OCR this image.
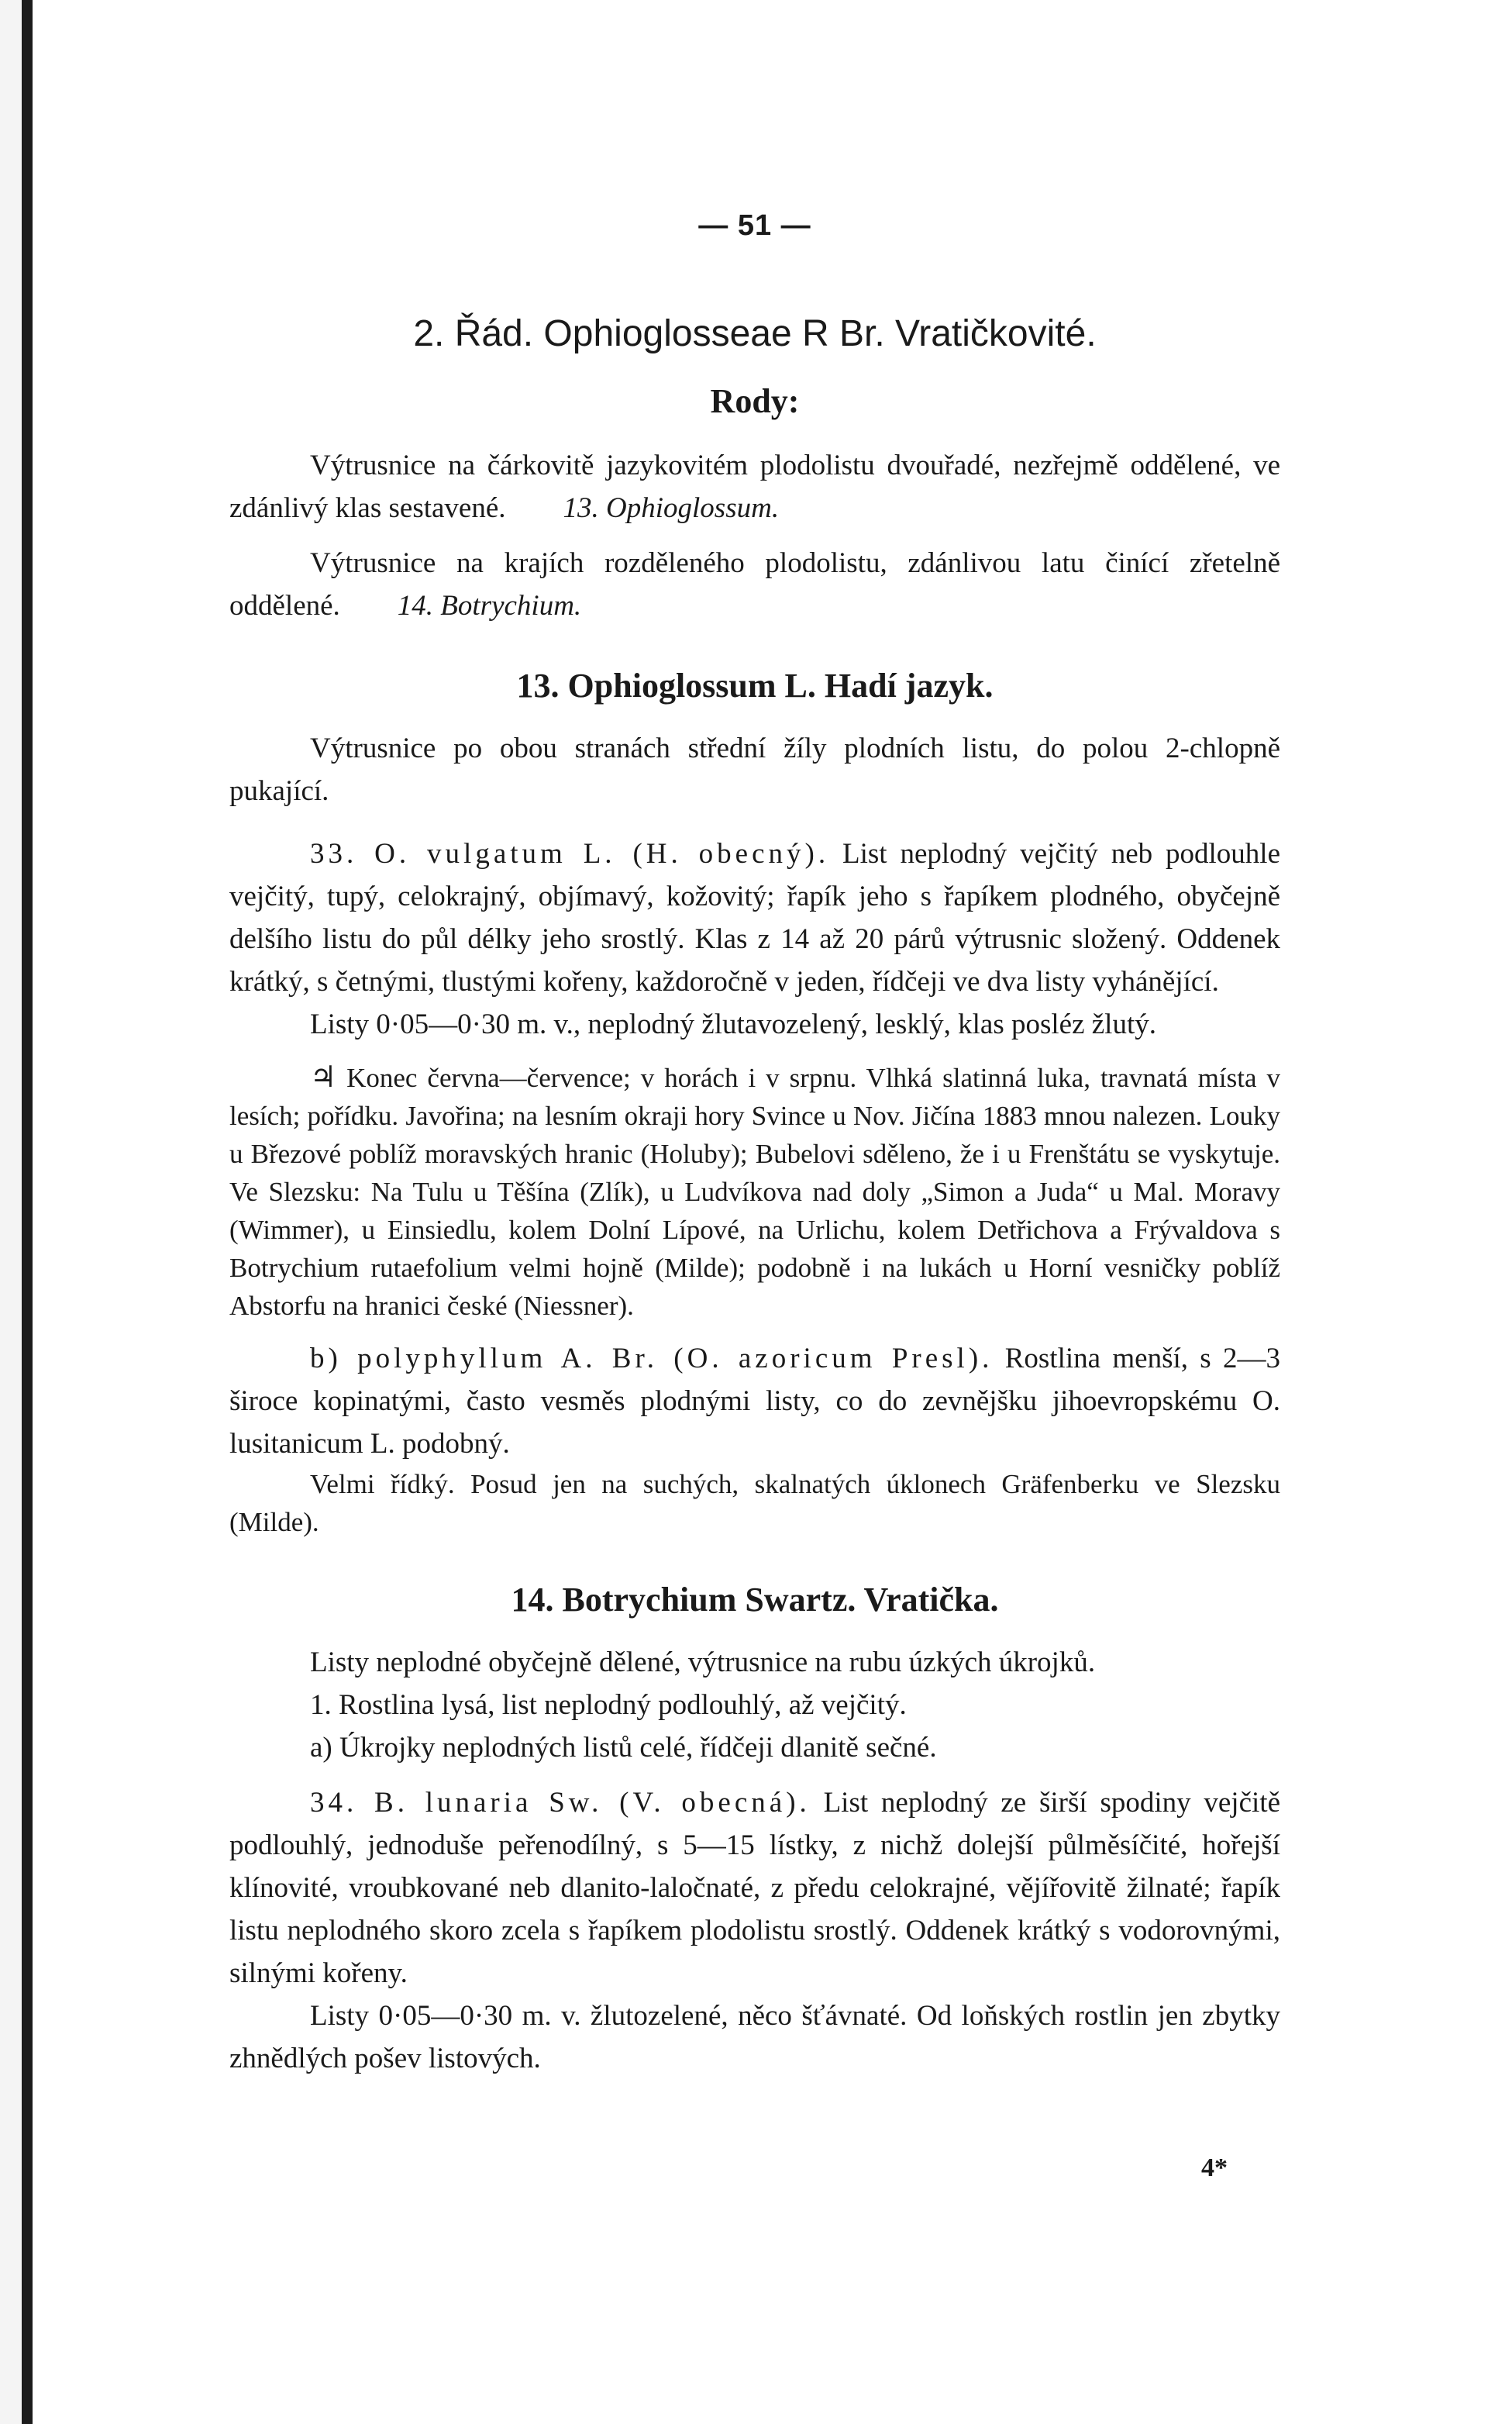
— 51 —
2. Řád. Ophioglosseae R Br. Vratičkovité.
Rody:

Výtrusnice na čárkovitě jazykovitém plodolistu dvouřadé, nezřejmě oddělené, ve zdánlivý klas sestavené. 13. Ophioglossum.

Výtrusnice na krajích rozděleného plodolistu, zdánlivou latu činící zřetelně oddělené. 14. Botrychium.

13. Ophioglossum L. Hadí jazyk.

Výtrusnice po obou stranách střední žíly plodních listu, do polou 2-chlopně pukající.

33. O. vulgatum L. (H. obecný). List neplodný vejčitý neb podlouhle vejčitý, tupý, celokrajný, objímavý, kožovitý; řapík jeho s řapíkem plodného, obyčejně delšího listu do půl délky jeho srostlý. Klas z 14 až 20 párů výtrusnic složený. Oddenek krátký, s četnými, tlustými kořeny, každoročně v jeden, řídčeji ve dva listy vyhánějící.

Listy 0·05—0·30 m. v., neplodný žlutavozelený, lesklý, klas posléz žlutý.

♃ Konec června—července; v horách i v srpnu. Vlhká slatinná luka, travnatá místa v lesích; pořídku. Javořina; na lesním okraji hory Svince u Nov. Jičína 1883 mnou nalezen. Louky u Březové poblíž moravských hranic (Holuby); Bubelovi sděleno, že i u Frenštátu se vyskytuje. Ve Slezsku: Na Tulu u Těšína (Zlík), u Ludvíkova nad doly „Simon a Juda“ u Mal. Moravy (Wimmer), u Einsiedlu, kolem Dolní Lípové, na Urlichu, kolem Detřichova a Frývaldova s Botrychium rutaefolium velmi hojně (Milde); podobně i na lukách u Horní vesničky poblíž Abstorfu na hranici české (Niessner).

b) polyphyllum A. Br. (O. azoricum Presl). Rostlina menší, s 2—3 široce kopinatými, často vesměs plodnými listy, co do zevnějšku jihoevropskému O. lusitanicum L. podobný.

Velmi řídký. Posud jen na suchých, skalnatých úklonech Gräfenberku ve Slezsku (Milde).

14. Botrychium Swartz. Vratička.

Listy neplodné obyčejně dělené, výtrusnice na rubu úzkých úkrojků.

1. Rostlina lysá, list neplodný podlouhlý, až vejčitý.

a) Úkrojky neplodných listů celé, řídčeji dlanitě sečné.

34. B. lunaria Sw. (V. obecná). List neplodný ze širší spodiny vejčitě podlouhlý, jednoduše peřenodílný, s 5—15 lístky, z nichž dolejší půlměsíčité, hořejší klínovité, vroubkované neb dlanito-laločnaté, z předu celokrajné, vějířovitě žilnaté; řapík listu neplodného skoro zcela s řapíkem plodolistu srostlý. Oddenek krátký s vodorovnými, silnými kořeny.

Listy 0·05—0·30 m. v. žlutozelené, něco šťávnaté. Od loňských rostlin jen zbytky zhnědlých pošev listových.

4*
